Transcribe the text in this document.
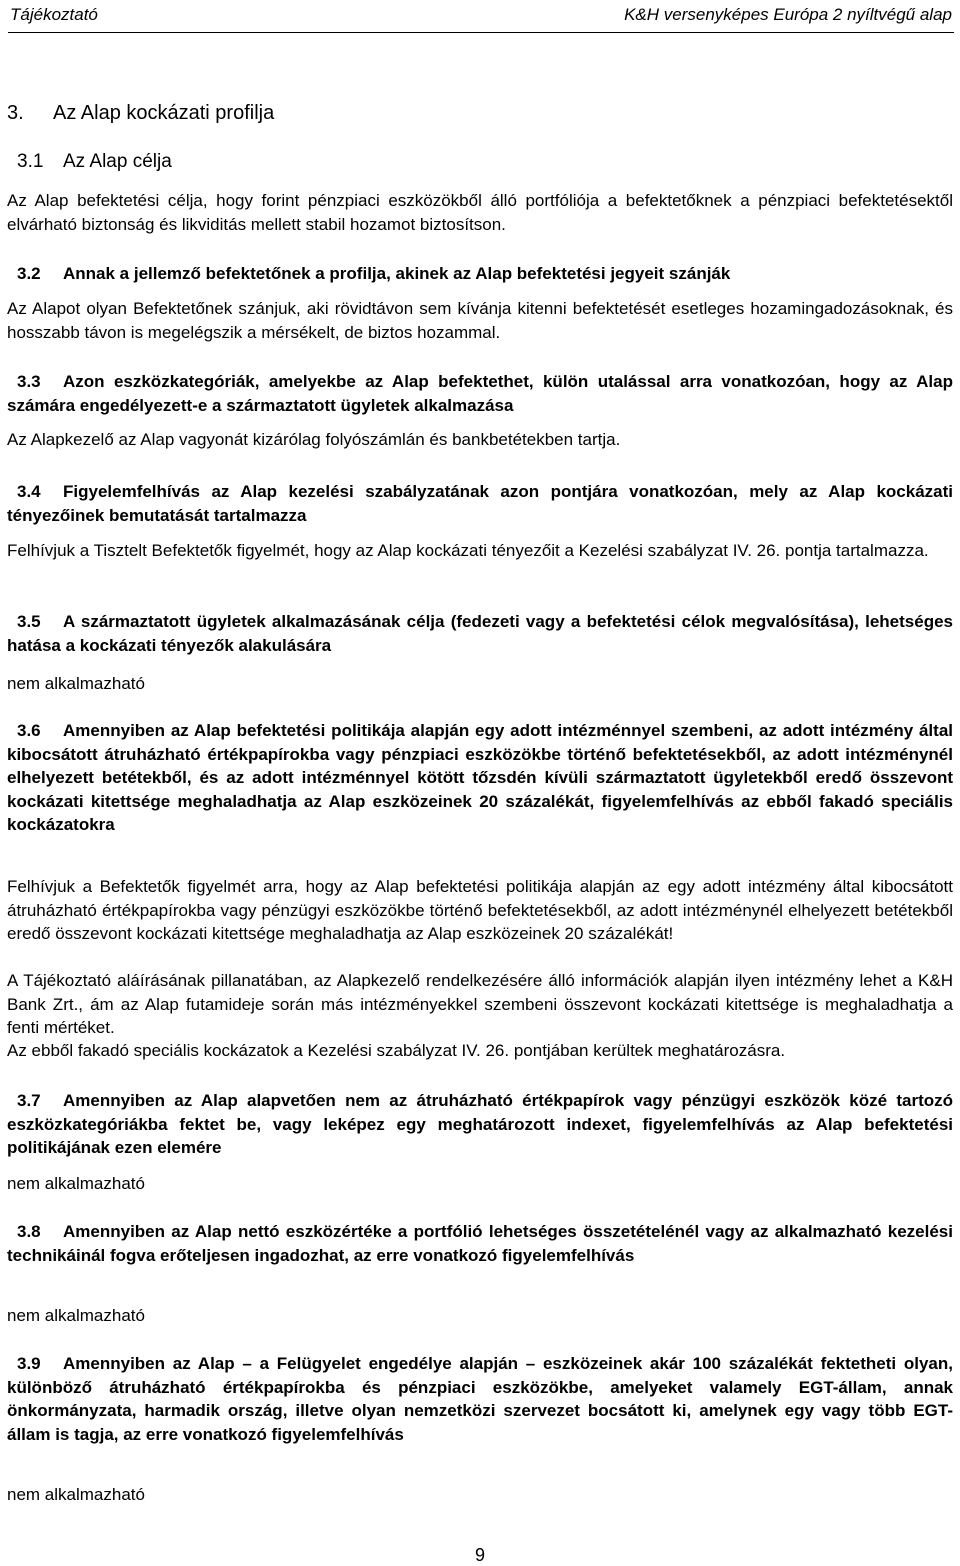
Tájékoztató	K&H versenyképes Európa 2 nyíltvégű alap
3. Az Alap kockázati profilja
3.1 Az Alap célja

Az Alap befektetési célja, hogy forint pénzpiaci eszközökből álló portfóliója a befektetőknek a pénzpiaci befektetésektől elvárható biztonság és likviditás mellett stabil hozamot biztosítson.

3.2 Annak a jellemző befektetőnek a profilja, akinek az Alap befektetési jegyeit szánják

Az Alapot olyan Befektetőnek szánjuk, aki rövidtávon sem kívánja kitenni befektetését esetleges hozamingadozásoknak, és hosszabb távon is megelégszik a mérsékelt, de biztos hozammal.

3.3 Azon eszközkategóriák, amelyekbe az Alap befektethet, külön utalással arra vonatkozóan, hogy az Alap számára engedélyezett-e a származtatott ügyletek alkalmazása

Az Alapkezelő az Alap vagyonát kizárólag folyószámlán és bankbetétekben tartja.

3.4 Figyelemfelhívás az Alap kezelési szabályzatának azon pontjára vonatkozóan, mely az Alap kockázati tényezőinek bemutatását tartalmazza

Felhívjuk a Tisztelt Befektetők figyelmét, hogy az Alap kockázati tényezőit a Kezelési szabályzat IV. 26. pontja tartalmazza.

3.5 A származtatott ügyletek alkalmazásának célja (fedezeti vagy a befektetési célok megvalósítása), lehetséges hatása a kockázati tényezők alakulására

nem alkalmazható

3.6 Amennyiben az Alap befektetési politikája alapján egy adott intézménnyel szembeni, az adott intézmény által kibocsátott átruházható értékpapírokba vagy pénzpiaci eszközökbe történő befektetésekből, az adott intézménynél elhelyezett betétekből, és az adott intézménnyel kötött tőzsdén kívüli származtatott ügyletekből eredő összevont kockázati kitettsége meghaladhatja az Alap eszközeinek 20 százalékát, figyelemfelhívás az ebből fakadó speciális kockázatokra

Felhívjuk a Befektetők figyelmét arra, hogy az Alap befektetési politikája alapján az egy adott intézmény által kibocsátott átruházható értékpapírokba vagy pénzügyi eszközökbe történő befektetésekből, az adott intézménynél elhelyezett betétekből eredő összevont kockázati kitettsége meghaladhatja az Alap eszközeinek 20 százalékát!

A Tájékoztató aláírásának pillanatában, az Alapkezelő rendelkezésére álló információk alapján ilyen intézmény lehet a K&H Bank Zrt., ám az Alap futamideje során más intézményekkel szembeni összevont kockázati kitettsége is meghaladhatja a fenti mértéket.

Az ebből fakadó speciális kockázatok a Kezelési szabályzat IV. 26. pontjában kerültek meghatározásra.

3.7 Amennyiben az Alap alapvetően nem az átruházható értékpapírok vagy pénzügyi eszközök közé tartozó eszközkategóriákba fektet be, vagy leképez egy meghatározott indexet, figyelemfelhívás az Alap befektetési politikájának ezen elemére

nem alkalmazható

3.8 Amennyiben az Alap nettó eszközértéke a portfólió lehetséges összetételénél vagy az alkalmazható kezelési technikáinál fogva erőteljesen ingadozhat, az erre vonatkozó figyelemfelhívás

nem alkalmazható

3.9 Amennyiben az Alap – a Felügyelet engedélye alapján – eszközeinek akár 100 százalékát fektetheti olyan, különböző átruházható értékpapírokba és pénzpiaci eszközökbe, amelyeket valamely EGT-állam, annak önkormányzata, harmadik ország, illetve olyan nemzetközi szervezet bocsátott ki, amelynek egy vagy több EGT-állam is tagja, az erre vonatkozó figyelemfelhívás

nem alkalmazható

9
